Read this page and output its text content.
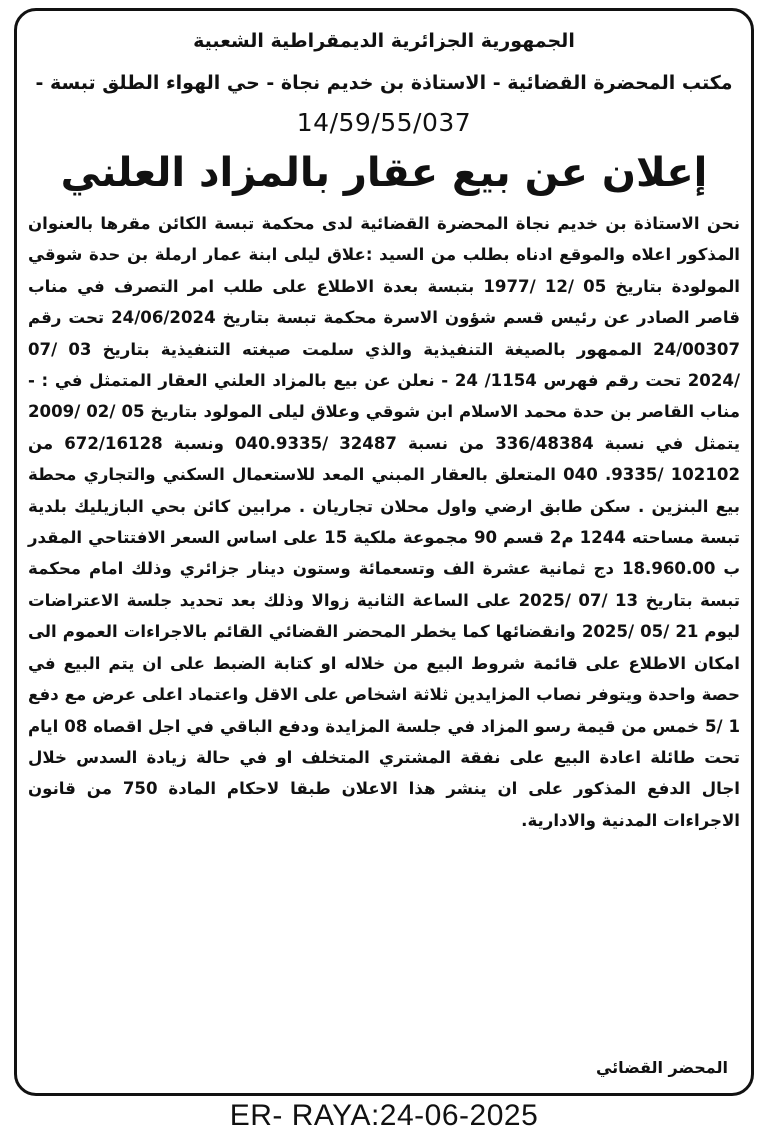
الجمهورية الجزائرية الديمقراطية الشعبية
مكتب المحضرة القضائية - الاستاذة بن خديم نجاة - حي الهواء الطلق تبسة -
14/59/55/037
إعلان عن بيع عقار بالمزاد العلني
نحن الاستاذة بن خديم نجاة المحضرة القضائية لدى محكمة تبسة الكائن مقرها بالعنوان المذكور اعلاه والموقع ادناه بطلب من السيد :علاق ليلى ابنة عمار ارملة بن حدة شوقي المولودة بتاريخ 05 /12 /1977 بتبسة بعدة الاطلاع على طلب امر التصرف في مناب قاصر الصادر عن رئيس قسم شؤون الاسرة محكمة تبسة بتاريخ 24/06/2024 تحت رقم 24/00307 الممهور بالصيغة التنفيذية والذي سلمت صيغته التنفيذية بتاريخ 03 /07 /2024 تحت رقم فهرس 1154/ 24 - نعلن عن بيع بالمزاد العلني العقار المتمثل في : - مناب القاصر بن حدة محمد الاسلام ابن شوقي وعلاق ليلى المولود بتاريخ 05 /02 /2009 يتمثل في نسبة 336/48384 من نسبة 32487 /040.9335 ونسبة 672/16128 من 102102 /9335. 040 المتعلق بالعقار المبني المعد للاستعمال السكني والتجاري محطة بيع البنزين . سكن طابق ارضي واول محلان تجاريان . مرابين كائن بحي البازيليك بلدية تبسة مساحته 1244 م2 قسم 90 مجموعة ملكية 15 على اساس السعر الافتتاحي المقدر ب 18.960.00 دج ثمانية عشرة الف وتسعمائة وستون دينار جزائري وذلك امام محكمة تبسة بتاريخ 13 /07 /2025 على الساعة الثانية زوالا وذلك بعد تحديد جلسة الاعتراضات ليوم 21 /05 /2025 وانقضائها كما يخطر المحضر القضائي القائم بالاجراءات العموم الى امكان الاطلاع على قائمة شروط البيع من خلاله او كتابة الضبط على ان يتم البيع في حصة واحدة ويتوفر نصاب المزايدين ثلاثة اشخاص على الاقل واعتماد اعلى عرض مع دفع 1 /5 خمس من قيمة رسو المزاد في جلسة المزايدة ودفع الباقي في اجل اقصاه 08 ايام تحت طائلة اعادة البيع على نفقة المشتري المتخلف او في حالة زيادة السدس خلال اجال الدفع المذكور على ان ينشر هذا الاعلان طبقا لاحكام المادة 750 من قانون الاجراءات المدنية والادارية.
المحضر القضائي
ER- RAYA:24-06-2025
